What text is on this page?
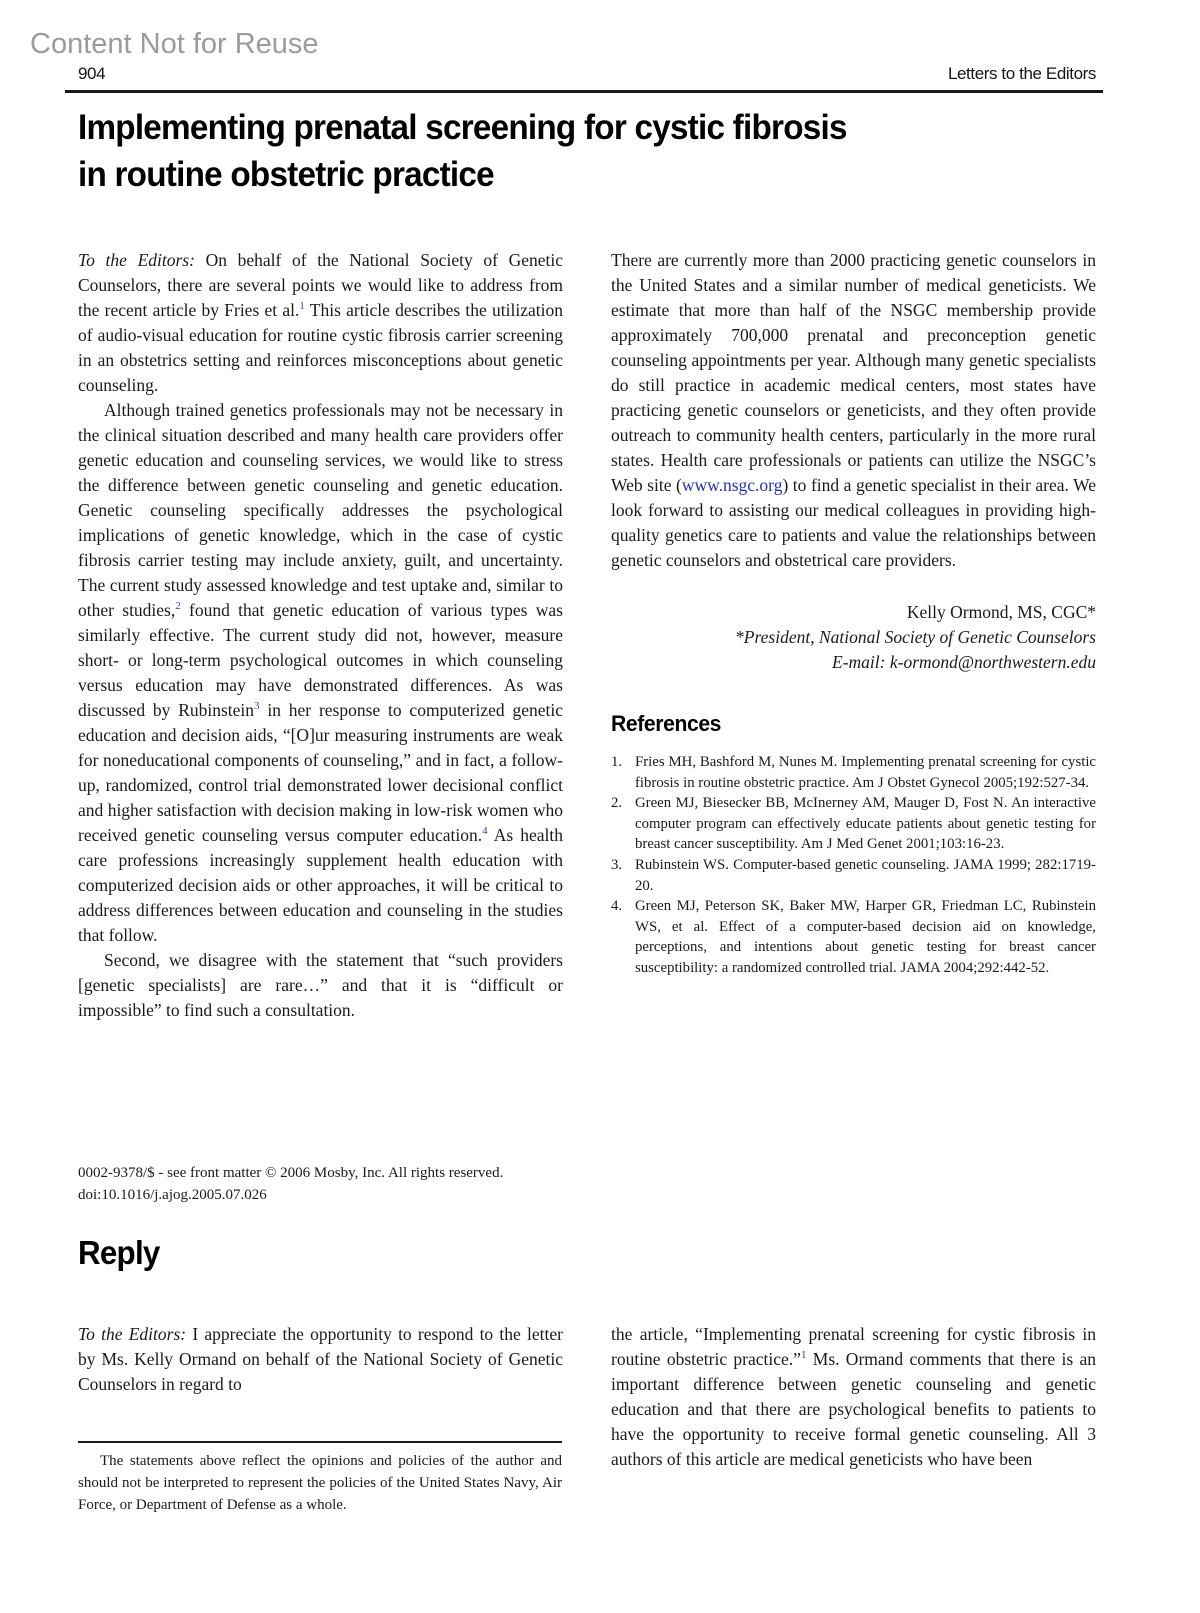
Content Not for Reuse
904	Letters to the Editors
Implementing prenatal screening for cystic fibrosis
in routine obstetric practice

To the Editors: On behalf of the National Society of Genetic Counselors, there are several points we would like to address from the recent article by Fries et al.$^1$ This article describes the utilization of audio-visual education for routine cystic fibrosis carrier screening in an obstetrics setting and reinforces misconceptions about genetic counseling.

Although trained genetics professionals may not be necessary in the clinical situation described and many health care providers offer genetic education and counseling services, we would like to stress the difference between genetic counseling and genetic education. Genetic counseling specifically addresses the psychological implications of genetic knowledge, which in the case of cystic fibrosis carrier testing may include anxiety, guilt, and uncertainty. The current study assessed knowledge and test uptake and, similar to other studies,$^2$ found that genetic education of various types was similarly effective. The current study did not, however, measure short- or long-term psychological outcomes in which counseling versus education may have demonstrated differences. As was discussed by Rubinstein$^3$ in her response to computerized genetic education and decision aids, “[O]ur measuring instruments are weak for noneducational components of counseling,” and in fact, a follow-up, randomized, control trial demonstrated lower decisional conflict and higher satisfaction with decision making in low-risk women who received genetic counseling versus computer education.$^4$ As health care professions increasingly supplement health education with computerized decision aids or other approaches, it will be critical to address differences between education and counseling in the studies that follow.

Second, we disagree with the statement that “such providers [genetic specialists] are rare…” and that it is “difficult or impossible” to find such a consultation.

There are currently more than 2000 practicing genetic counselors in the United States and a similar number of medical geneticists. We estimate that more than half of the NSGC membership provide approximately 700,000 prenatal and preconception genetic counseling appointments per year. Although many genetic specialists do still practice in academic medical centers, most states have practicing genetic counselors or geneticists, and they often provide outreach to community health centers, particularly in the more rural states. Health care professionals or patients can utilize the NSGC’s Web site (www.nsgc.org) to find a genetic specialist in their area. We look forward to assisting our medical colleagues in providing high-quality genetics care to patients and value the relationships between genetic counselors and obstetrical care providers.

Kelly Ormond, MS, CGC*
*President, National Society of Genetic Counselors
E-mail: k-ormond@northwestern.edu
References
1. Fries MH, Bashford M, Nunes M. Implementing prenatal screening for cystic fibrosis in routine obstetric practice. Am J Obstet Gynecol 2005;192:527-34.
2. Green MJ, Biesecker BB, McInerney AM, Mauger D, Fost N. An interactive computer program can effectively educate patients about genetic testing for breast cancer susceptibility. Am J Med Genet 2001;103:16-23.
3. Rubinstein WS. Computer-based genetic counseling. JAMA 1999; 282:1719-20.
4. Green MJ, Peterson SK, Baker MW, Harper GR, Friedman LC, Rubinstein WS, et al. Effect of a computer-based decision aid on knowledge, perceptions, and intentions about genetic testing for breast cancer susceptibility: a randomized controlled trial. JAMA 2004;292:442-52.
0002-9378/$ - see front matter © 2006 Mosby, Inc. All rights reserved.
doi:10.1016/j.ajog.2005.07.026
Reply

To the Editors: I appreciate the opportunity to respond to the letter by Ms. Kelly Ormand on behalf of the National Society of Genetic Counselors in regard to

the article, “Implementing prenatal screening for cystic fibrosis in routine obstetric practice.”$^1$ Ms. Ormand comments that there is an important difference between genetic counseling and genetic education and that there are psychological benefits to patients to have the opportunity to receive formal genetic counseling. All 3 authors of this article are medical geneticists who have been

The statements above reflect the opinions and policies of the author and should not be interpreted to represent the policies of the United States Navy, Air Force, or Department of Defense as a whole.
